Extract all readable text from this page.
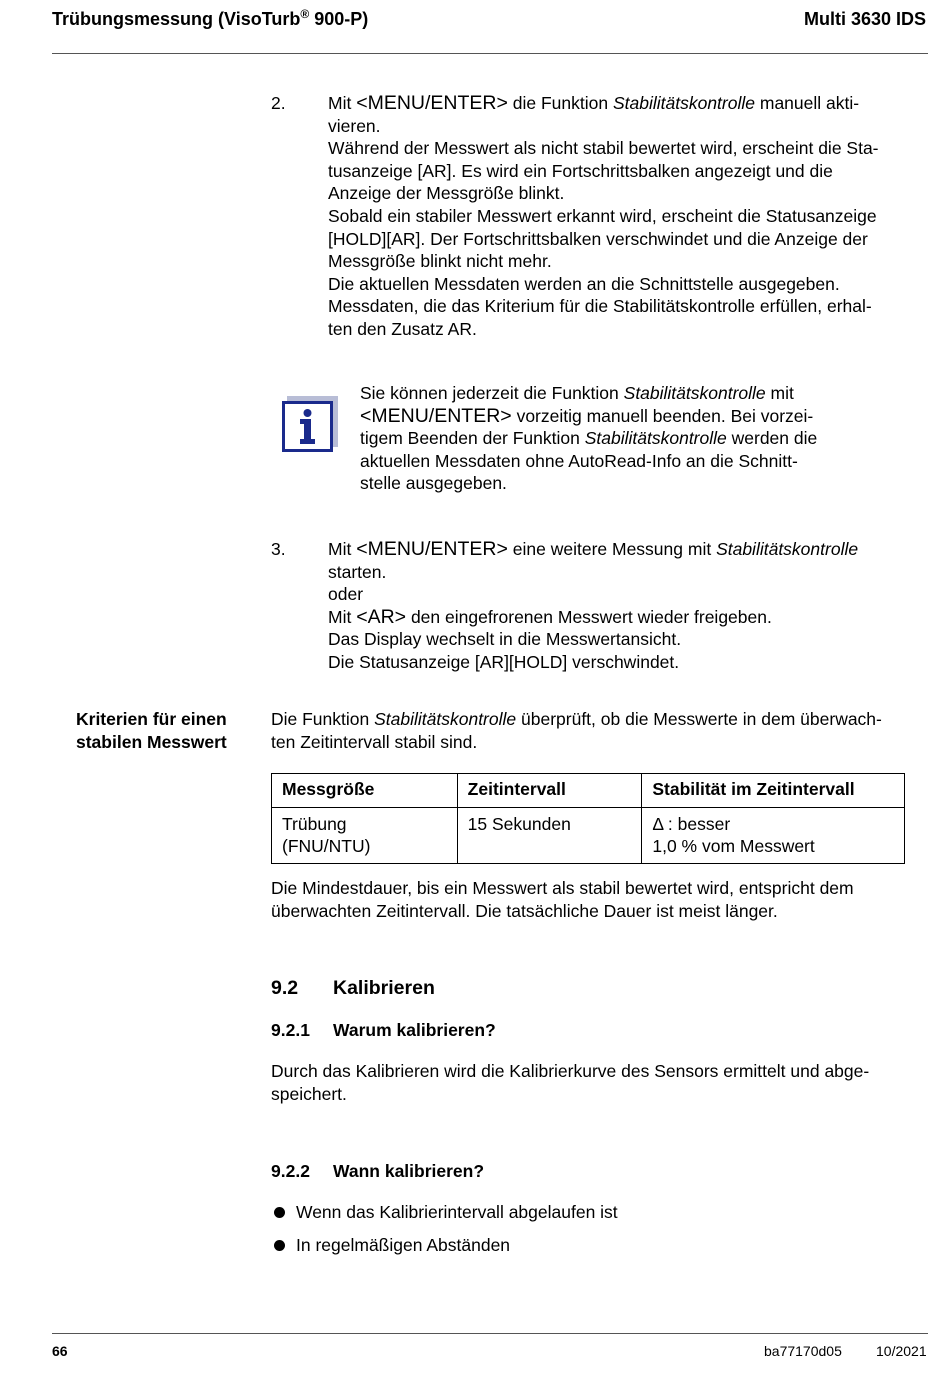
Trübungsmessung (VisoTurb® 900-P)	Multi 3630 IDS
2.	Mit <MENU/ENTER> die Funktion Stabilitätskontrolle manuell akti-
vieren.
Während der Messwert als nicht stabil bewertet wird, erscheint die Sta-
tusanzeige [AR]. Es wird ein Fortschrittsbalken angezeigt und die
Anzeige der Messgröße blinkt.
Sobald ein stabiler Messwert erkannt wird, erscheint die Statusanzeige
[HOLD][AR]. Der Fortschrittsbalken verschwindet und die Anzeige der
Messgröße blinkt nicht mehr.
Die aktuellen Messdaten werden an die Schnittstelle ausgegeben.
Messdaten, die das Kriterium für die Stabilitätskontrolle erfüllen, erhal-
ten den Zusatz AR.
Sie können jederzeit die Funktion Stabilitätskontrolle mit
<MENU/ENTER> vorzeitig manuell beenden. Bei vorzei-
tigem Beenden der Funktion Stabilitätskontrolle werden die
aktuellen Messdaten ohne AutoRead-Info an die Schnitt-
stelle ausgegeben.
3.	Mit <MENU/ENTER> eine weitere Messung mit Stabilitätskontrolle
starten.
oder
Mit <AR> den eingefrorenen Messwert wieder freigeben.
Das Display wechselt in die Messwertansicht.
Die Statusanzeige [AR][HOLD] verschwindet.
Kriterien für einen
stabilen Messwert
Die Funktion Stabilitätskontrolle überprüft, ob die Messwerte in dem überwach-
ten Zeitintervall stabil sind.
Messgröße	Zeitintervall	Stabilität im Zeitintervall

Trübung
(FNU/NTU)	15 Sekunden	Δ : besser
1,0 % vom Messwert
Die Mindestdauer, bis ein Messwert als stabil bewertet wird, entspricht dem
überwachten Zeitintervall. Die tatsächliche Dauer ist meist länger.
9.2 Kalibrieren
9.2.1 Warum kalibrieren?
Durch das Kalibrieren wird die Kalibrierkurve des Sensors ermittelt und abge-
speichert.
9.2.2 Wann kalibrieren?
Wenn das Kalibrierintervall abgelaufen ist
In regelmäßigen Abständen
66	ba77170d05 10/2021
